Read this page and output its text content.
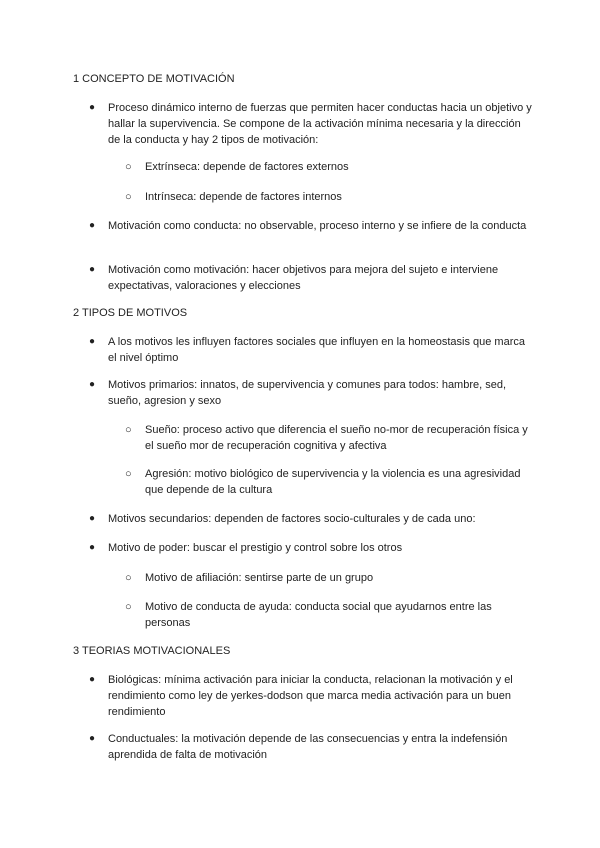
1 CONCEPTO DE MOTIVACIÓN
● Proceso dinámico interno de fuerzas que permiten hacer conductas hacia un objetivo y hallar la supervivencia. Se compone de la activación mínima necesaria y la dirección de la conducta y hay 2 tipos de motivación:
○ Extrínseca: depende de factores externos
○ Intrínseca: depende de factores internos
● Motivación como conducta: no observable, proceso interno y se infiere de la conducta
● Motivación como motivación: hacer objetivos para mejora del sujeto e interviene expectativas, valoraciones y elecciones
2 TIPOS DE MOTIVOS
● A los motivos les influyen factores sociales que influyen en la homeostasis que marca el nivel óptimo
● Motivos primarios: innatos, de supervivencia y comunes para todos: hambre, sed, sueño, agresion y sexo
○ Sueño: proceso activo que diferencia el sueño no-mor de recuperación física y el sueño mor de recuperación cognitiva y afectiva
○ Agresión: motivo biológico de supervivencia y la violencia es una agresividad que depende de la cultura
● Motivos secundarios: dependen de factores socio-culturales y de cada uno:
● Motivo de poder: buscar el prestigio y control sobre los otros
○ Motivo de afiliación: sentirse parte de un grupo
○ Motivo de conducta de ayuda: conducta social que ayudarnos entre las personas
3 TEORIAS MOTIVACIONALES
● Biológicas: mínima activación para iniciar la conducta, relacionan la motivación y el rendimiento como ley de yerkes-dodson que marca media activación para un buen rendimiento
● Conductuales: la motivación depende de las consecuencias y entra la indefensión aprendida de falta de motivación
